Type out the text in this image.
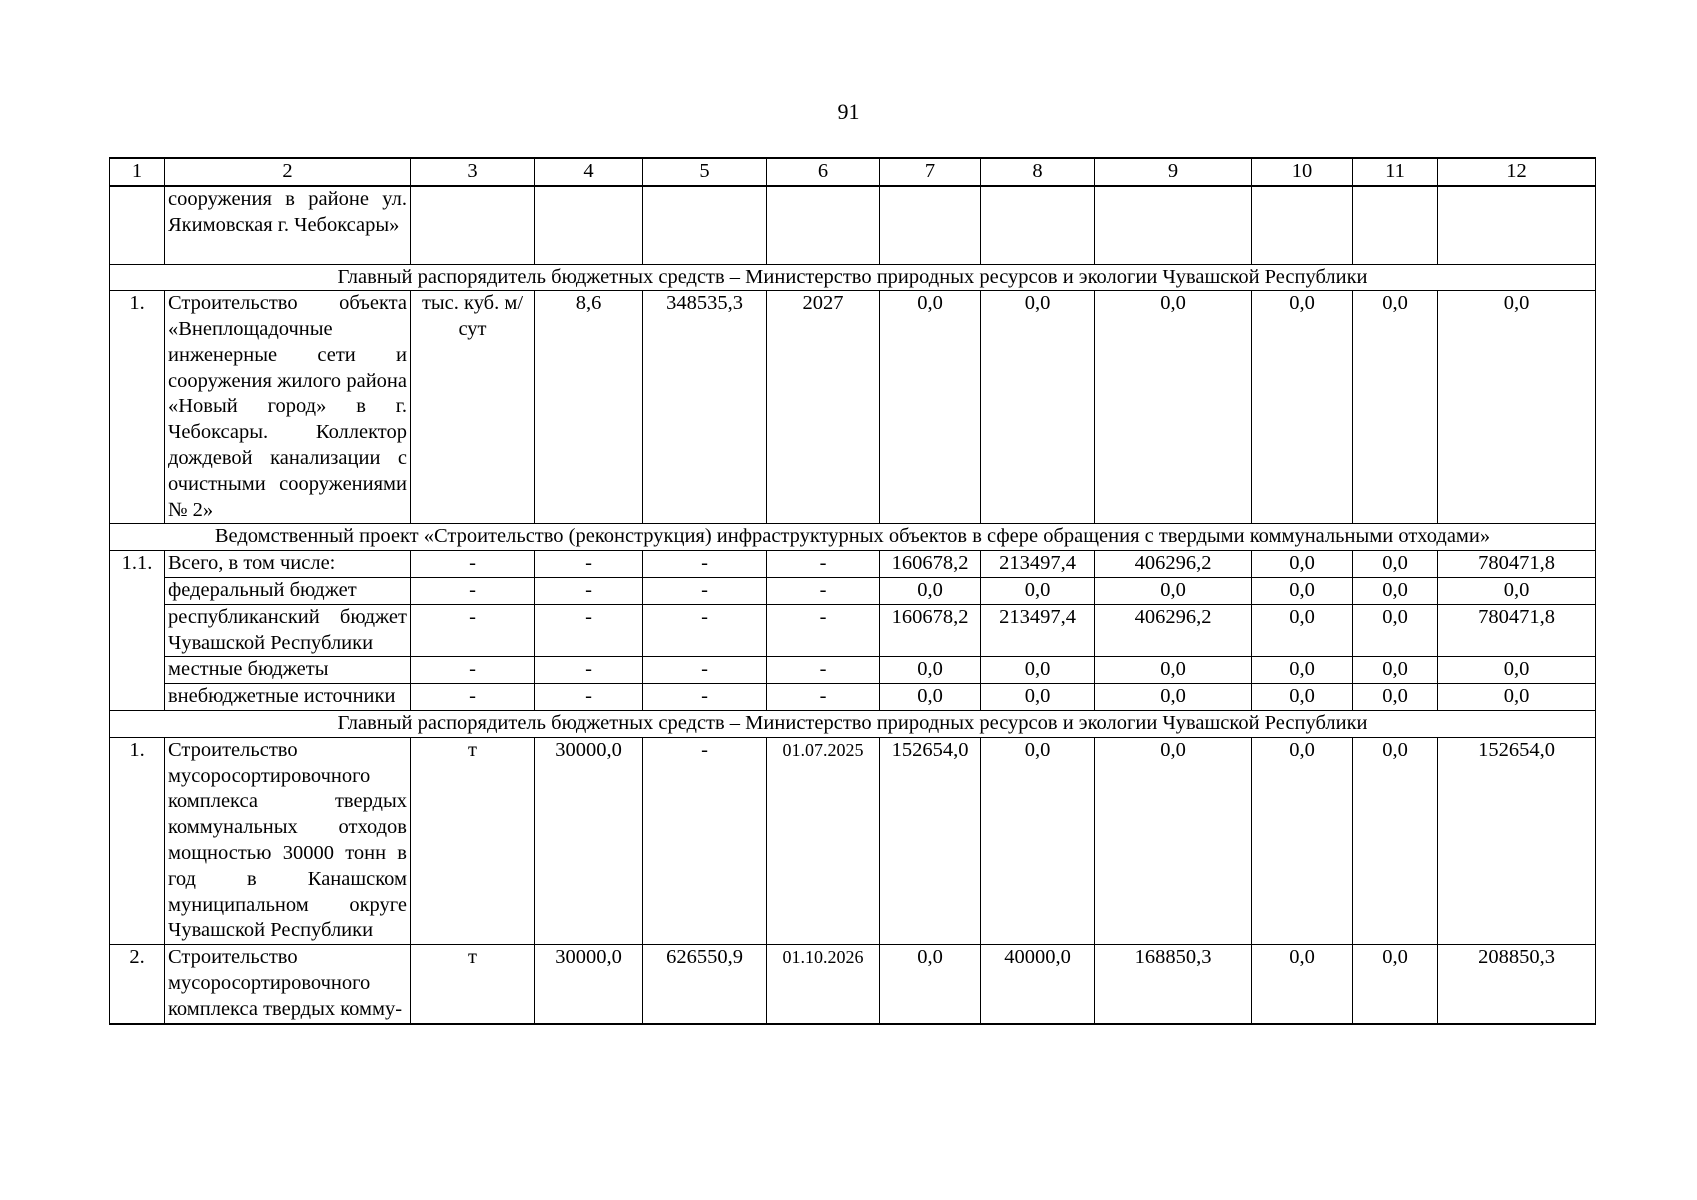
91
1	2	3	4	5	6	7	8	9	10	11	12
	сооружения в районе ул. Якимовская г. Чебоксары»										
Главный распорядитель бюджетных средств – Министерство природных ресурсов и экологии Чувашской Республики											
1.	Строительство объекта «Внеплощадочные инженерные сети и сооружения жилого района «Новый город» в г. Чебоксары. Коллектор дождевой канализации с очистными сооружениями № 2»	тыс. куб. м/сут	8,6	348535,3	2027	0,0	0,0	0,0	0,0	0,0	0,0
Ведомственный проект «Строительство (реконструкция) инфраструктурных объектов в сфере обращения с твердыми коммунальными отходами»											
1.1.	Всего, в том числе:	-	-	-	-	160678,2	213497,4	406296,2	0,0	0,0	780471,8
	федеральный бюджет	-	-	-	-	0,0	0,0	0,0	0,0	0,0	0,0
	республиканский бюджет Чувашской Республики	-	-	-	-	160678,2	213497,4	406296,2	0,0	0,0	780471,8
	местные бюджеты	-	-	-	-	0,0	0,0	0,0	0,0	0,0	0,0
	внебюджетные источники	-	-	-	-	0,0	0,0	0,0	0,0	0,0	0,0
Главный распорядитель бюджетных средств – Министерство природных ресурсов и экологии Чувашской Республики											
1.	Строительство мусоросортировочного комплекса твердых коммунальных отходов мощностью 30000 тонн в год в Канашском муниципальном округе Чувашской Республики	т	30000,0	-	01.07.2025	152654,0	0,0	0,0	0,0	0,0	152654,0
2.	Строительство мусоросортировочного комплекса твердых комму-	т	30000,0	626550,9	01.10.2026	0,0	40000,0	168850,3	0,0	0,0	208850,3
